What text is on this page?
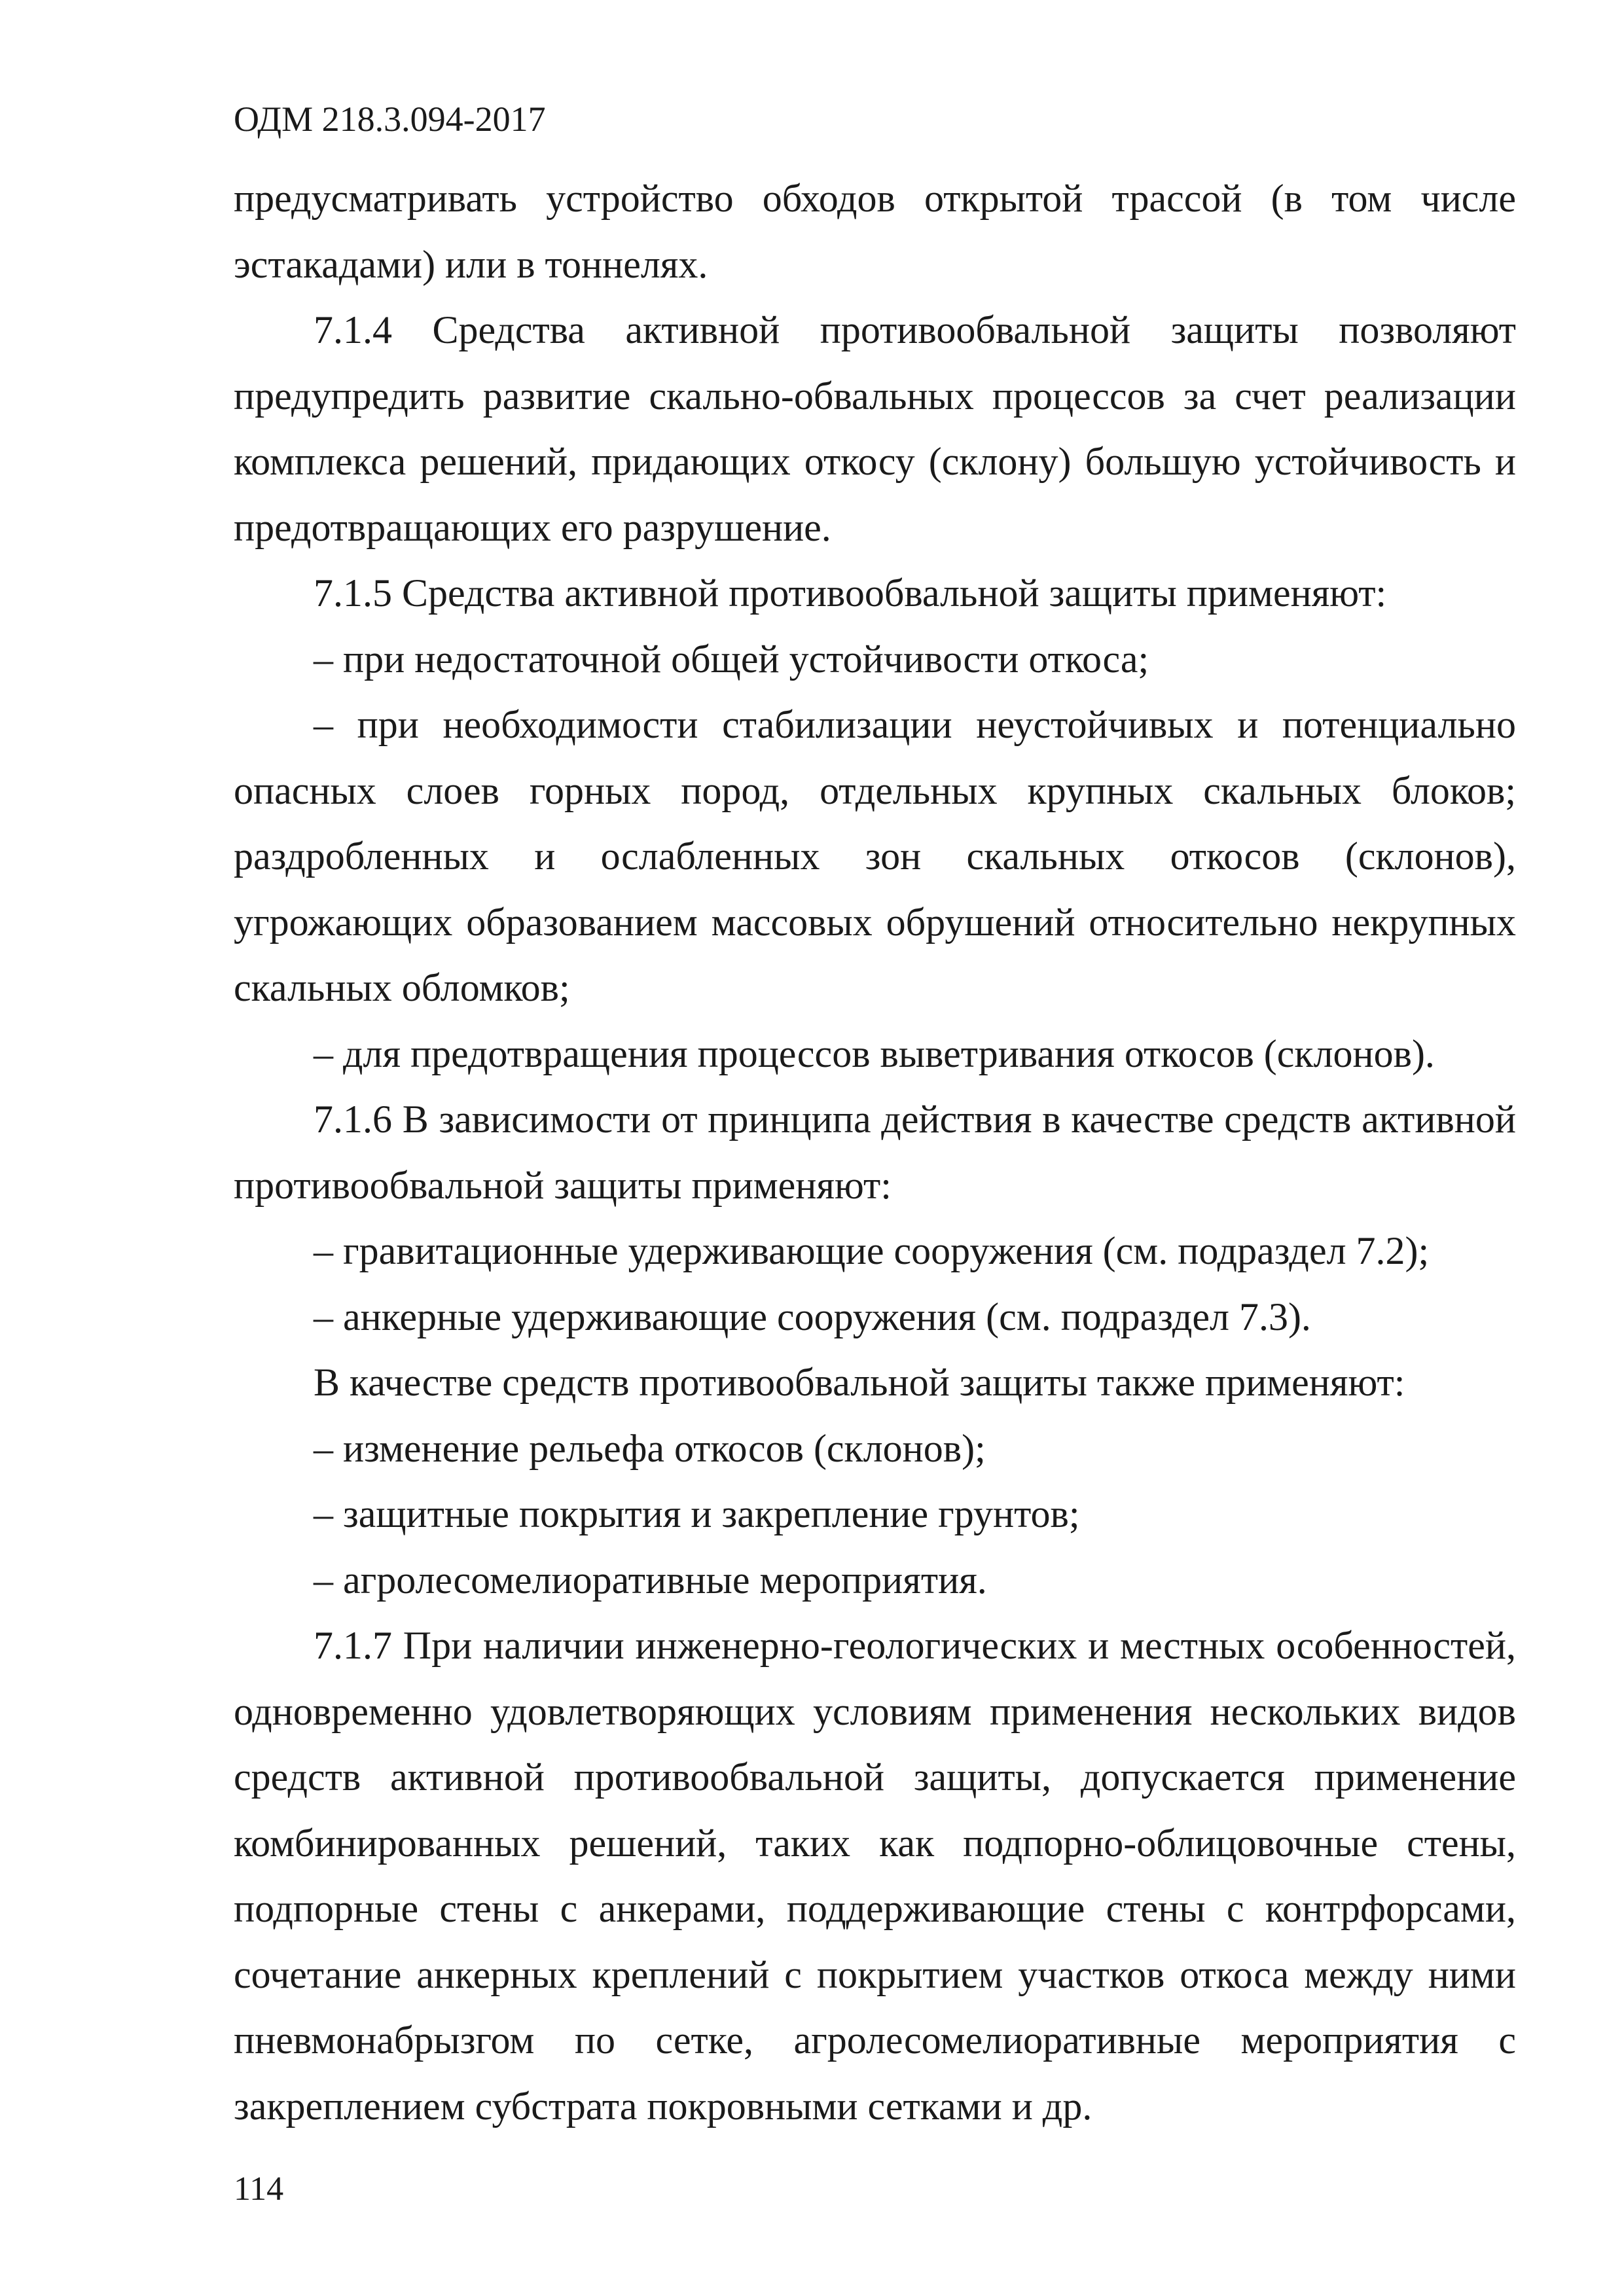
ОДМ 218.3.094-2017

предусматривать устройство обходов открытой трассой (в том числе эстакадами) или в тоннелях.

7.1.4 Средства активной противообвальной защиты позволяют предупредить развитие скально-обвальных процессов за счет реализации комплекса решений, придающих откосу (склону) большую устойчивость и предотвращающих его разрушение.

7.1.5 Средства активной противообвальной защиты применяют:

– при недостаточной общей устойчивости откоса;

– при необходимости стабилизации неустойчивых и потенциально опасных слоев горных пород, отдельных крупных скальных блоков; раздробленных и ослабленных зон скальных откосов (склонов), угрожающих образованием массовых обрушений относительно некрупных скальных обломков;

– для предотвращения процессов выветривания откосов (склонов).

7.1.6 В зависимости от принципа действия в качестве средств активной противообвальной защиты применяют:

– гравитационные удерживающие сооружения (см. подраздел 7.2);

– анкерные удерживающие сооружения (см. подраздел 7.3).

В качестве средств противообвальной защиты также применяют:

– изменение рельефа откосов (склонов);

– защитные покрытия и закрепление грунтов;

– агролесомелиоративные мероприятия.

7.1.7 При наличии инженерно-геологических и местных особенностей, одновременно удовлетворяющих условиям применения нескольких видов средств активной противообвальной защиты, допускается применение комбинированных решений, таких как подпорно-облицовочные стены, подпорные стены с анкерами, поддерживающие стены с контрфорсами, сочетание анкерных креплений с покрытием участков откоса между ними пневмонабрызгом по сетке, агролесомелиоративные мероприятия с закреплением субстрата покровными сетками и др.

114
